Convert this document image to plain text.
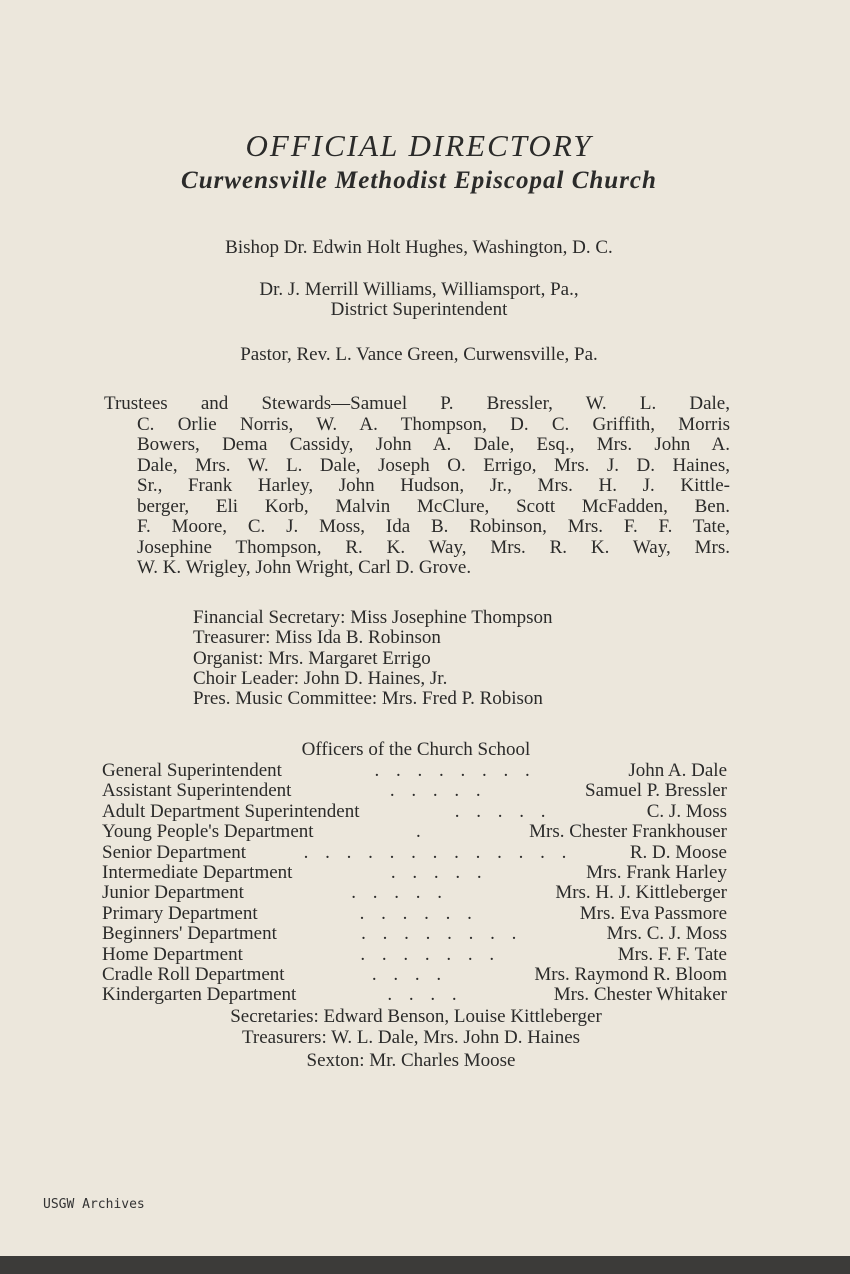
OFFICIAL DIRECTORY
Curwensville Methodist Episcopal Church
Bishop Dr. Edwin Holt Hughes, Washington, D. C.
Dr. J. Merrill Williams, Williamsport, Pa.,
District Superintendent
Pastor, Rev. L. Vance Green, Curwensville, Pa.
Trustees and Stewards—Samuel P. Bressler, W. L. Dale,
C. Orlie Norris, W. A. Thompson, D. C. Griffith, Morris
Bowers, Dema Cassidy, John A. Dale, Esq., Mrs. John A.
Dale, Mrs. W. L. Dale, Joseph O. Errigo, Mrs. J. D. Haines,
Sr., Frank Harley, John Hudson, Jr., Mrs. H. J. Kittle-
berger, Eli Korb, Malvin McClure, Scott McFadden, Ben.
F. Moore, C. J. Moss, Ida B. Robinson, Mrs. F. F. Tate,
Josephine Thompson, R. K. Way, Mrs. R. K. Way, Mrs.
W. K. Wrigley, John Wright, Carl D. Grove.
Financial Secretary: Miss Josephine Thompson
Treasurer: Miss Ida B. Robinson
Organist: Mrs. Margaret Errigo
Choir Leader: John D. Haines, Jr.
Pres. Music Committee: Mrs. Fred P. Robison
Officers of the Church School
General Superintendent	. . . . . . . .	John A. Dale
Assistant Superintendent	. . . . .	Samuel P. Bressler
Adult Department Superintendent	. . . . .	C. J. Moss
Young People's Department	.	Mrs. Chester Frankhouser
Senior Department	. . . . . . . . . . . . .	R. D. Moose
Intermediate Department	. . . . .	Mrs. Frank Harley
Junior Department	. . . . .	Mrs. H. J. Kittleberger
Primary Department	. . . . . .	Mrs. Eva Passmore
Beginners' Department	. . . . . . . .	Mrs. C. J. Moss
Home Department	. . . . . . .	Mrs. F. F. Tate
Cradle Roll Department	. . . .	Mrs. Raymond R. Bloom
Kindergarten Department	. . . .	Mrs. Chester Whitaker
Secretaries: Edward Benson, Louise Kittleberger
Treasurers: W. L. Dale, Mrs. John D. Haines
Sexton: Mr. Charles Moose
USGW Archives
